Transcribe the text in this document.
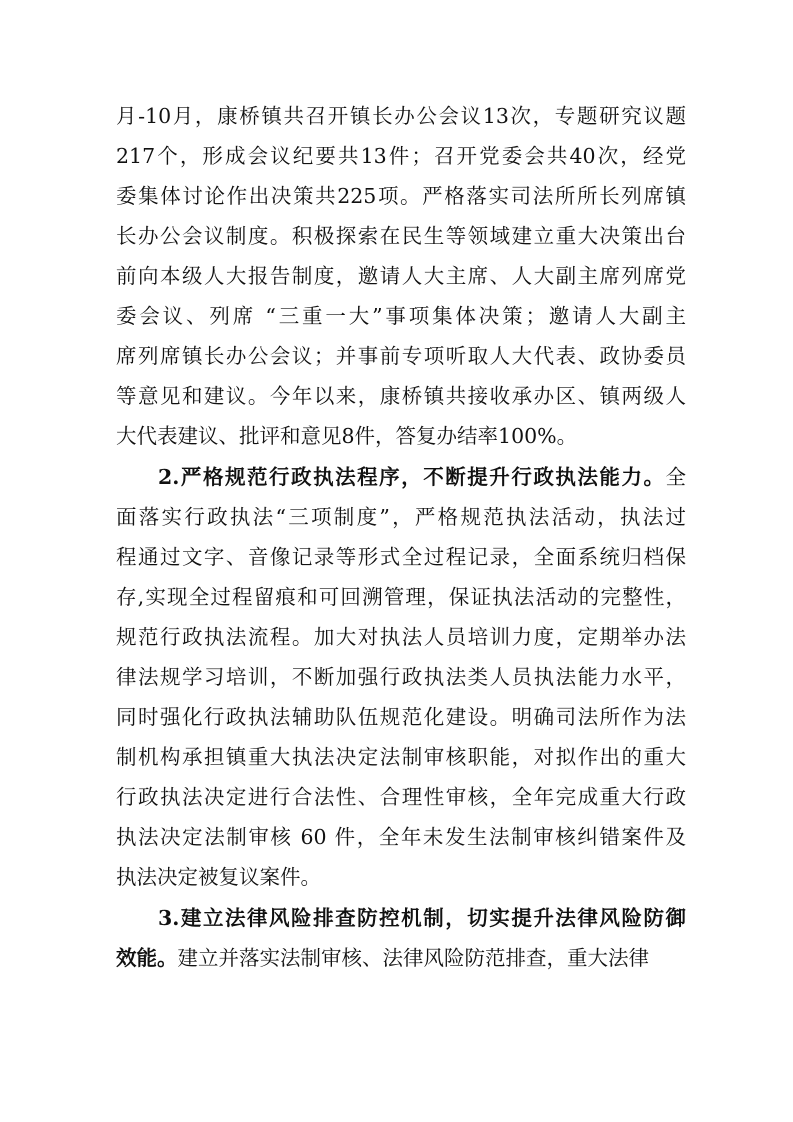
月-10月，康桥镇共召开镇长办公会议13次，专题研究议题
217个，形成会议纪要共13件；召开党委会共40次，经党
委集体讨论作出决策共225项。严格落实司法所所长列席镇
长办公会议制度。积极探索在民生等领域建立重大决策出台
前向本级人大报告制度，邀请人大主席、人大副主席列席党
委会议、列席 “三重一大”事项集体决策；邀请人大副主
席列席镇长办公会议；并事前专项听取人大代表、政协委员
等意见和建议。今年以来，康桥镇共接收承办区、镇两级人
大代表建议、批评和意见8件，答复办结率100%。
2.严格规范行政执法程序，不断提升行政执法能力。全
面落实行政执法“三项制度”，严格规范执法活动，执法过
程通过文字、音像记录等形式全过程记录，全面系统归档保
存,实现全过程留痕和可回溯管理，保证执法活动的完整性，
规范行政执法流程。加大对执法人员培训力度，定期举办法
律法规学习培训，不断加强行政执法类人员执法能力水平，
同时强化行政执法辅助队伍规范化建设。明确司法所作为法
制机构承担镇重大执法决定法制审核职能，对拟作出的重大
行政执法决定进行合法性、合理性审核，全年完成重大行政
执法决定法制审核 60 件，全年未发生法制审核纠错案件及
执法决定被复议案件。
3.建立法律风险排查防控机制，切实提升法律风险防御
效能。建立并落实法制审核、法律风险防范排查，重大法律
